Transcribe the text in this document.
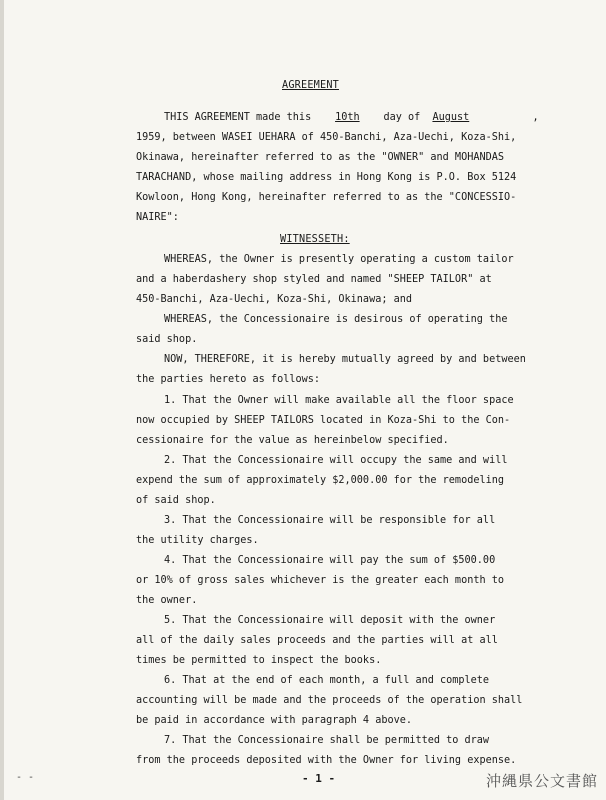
AGREEMENT
THIS AGREEMENT made this 10th day of August	,
1959, between WASEI UEHARA of 450-Banchi, Aza-Uechi, Koza-Shi,
Okinawa, hereinafter referred to as the "OWNER" and MOHANDAS
TARACHAND, whose mailing address in Hong Kong is P.O. Box 5124
Kowloon, Hong Kong, hereinafter referred to as the "CONCESSIO-
NAIRE":
WITNESSETH:
WHEREAS, the Owner is presently operating a custom tailor
and a haberdashery shop styled and named "SHEEP TAILOR" at
450-Banchi, Aza-Uechi, Koza-Shi, Okinawa; and
WHEREAS, the Concessionaire is desirous of operating the
said shop.
NOW, THEREFORE, it is hereby mutually agreed by and between
the parties hereto as follows:
1. That the Owner will make available all the floor space
now occupied by SHEEP TAILORS located in Koza-Shi to the Con-
cessionaire for the value as hereinbelow specified.
2. That the Concessionaire will occupy the same and will
expend the sum of approximately $2,000.00 for the remodeling
of said shop.
3. That the Concessionaire will be responsible for all
the utility charges.
4. That the Concessionaire will pay the sum of $500.00
or 10% of gross sales whichever is the greater each month to
the owner.
5. That the Concessionaire will deposit with the owner
all of the daily sales proceeds and the parties will at all
times be permitted to inspect the books.
6. That at the end of each month, a full and complete
accounting will be made and the proceeds of the operation shall
be paid in accordance with paragraph 4 above.
7. That the Concessionaire shall be permitted to draw
from the proceeds deposited with the Owner for living expense.
- 1 -
- -	沖縄県公文書館
